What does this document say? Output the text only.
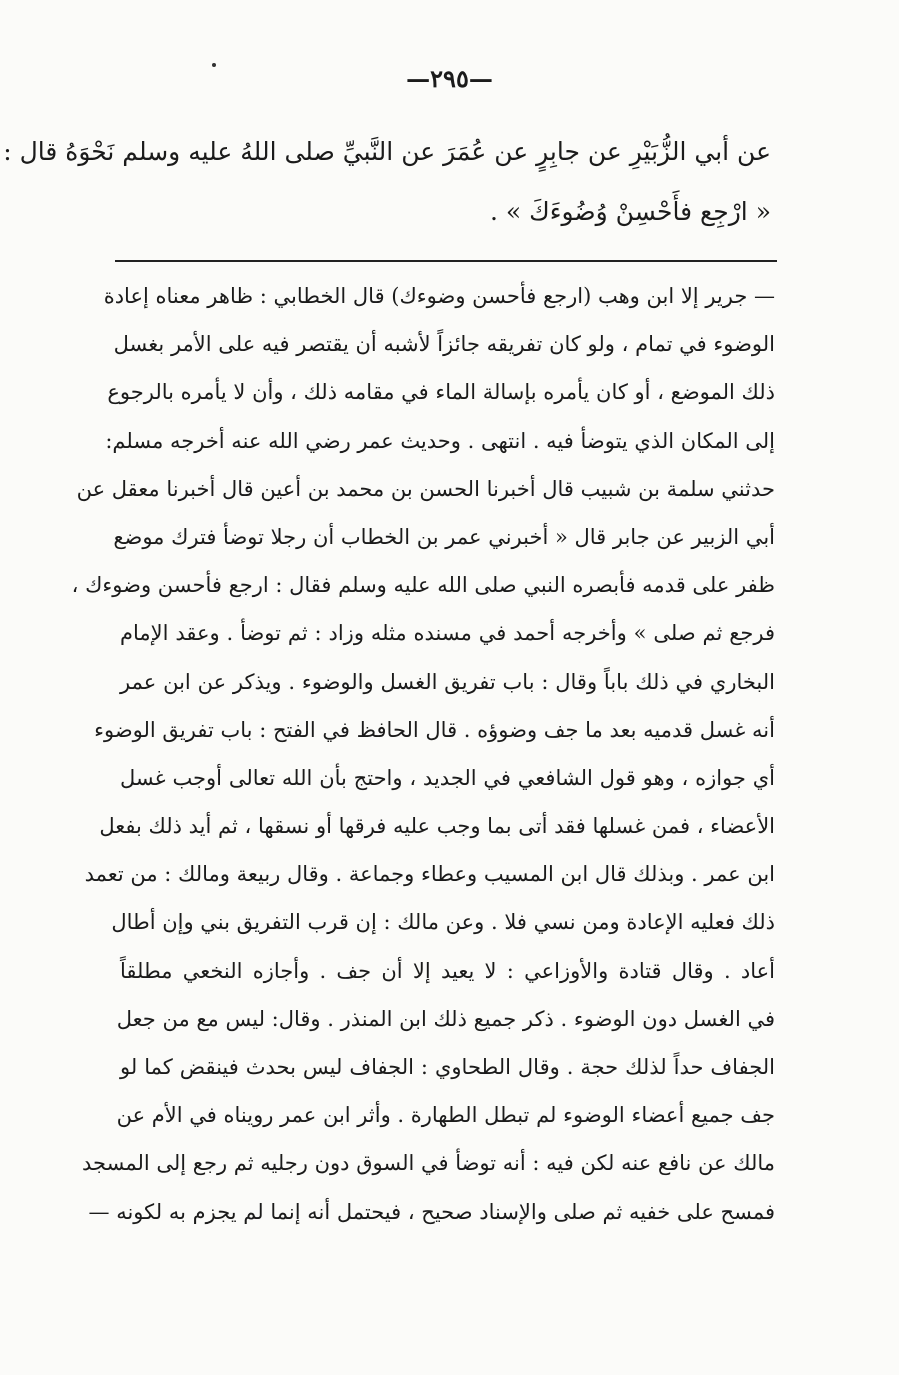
—٢٩٥—
عن أبي الزُّبَيْرِ عن جابِرٍ عن عُمَرَ عن النَّبيِّ صلى اللهُ عليه وسلم نَحْوَهُ قال :
« ارْجِع فأَحْسِنْ وُضُوءَكَ » .
— جرير إلا ابن وهب (ارجع فأحسن وضوءك) قال الخطابي : ظاهر معناه إعادة
الوضوء في تمام ، ولو كان تفريقه جائزاً لأشبه أن يقتصر فيه على الأمر بغسل
ذلك الموضع ، أو كان يأمره بإسالة الماء في مقامه ذلك ، وأن لا يأمره بالرجوع
إلى المكان الذي يتوضأ فيه . انتهى . وحديث عمر رضي الله عنه أخرجه مسلم:
حدثني سلمة بن شبيب قال أخبرنا الحسن بن محمد بن أعين قال أخبرنا معقل عن
أبي الزبير عن جابر قال « أخبرني عمر بن الخطاب أن رجلا توضأ فترك موضع
ظفر على قدمه فأبصره النبي صلى الله عليه وسلم فقال : ارجع فأحسن وضوءك ،
فرجع ثم صلى » وأخرجه أحمد في مسنده مثله وزاد : ثم توضأ . وعقد الإمام
البخاري في ذلك باباً وقال : باب تفريق الغسل والوضوء . ويذكر عن ابن عمر
أنه غسل قدميه بعد ما جف وضوؤه . قال الحافظ في الفتح : باب تفريق الوضوء
أي جوازه ، وهو قول الشافعي في الجديد ، واحتج بأن الله تعالى أوجب غسل
الأعضاء ، فمن غسلها فقد أتى بما وجب عليه فرقها أو نسقها ، ثم أيد ذلك بفعل
ابن عمر . وبذلك قال ابن المسيب وعطاء وجماعة . وقال ربيعة ومالك : من تعمد
ذلك فعليه الإعادة ومن نسي فلا . وعن مالك : إن قرب التفريق بني وإن أطال
أعاد . وقال قتادة والأوزاعي : لا يعيد إلا أن جف . وأجازه النخعي مطلقاً
في الغسل دون الوضوء . ذكر جميع ذلك ابن المنذر . وقال: ليس مع من جعل
الجفاف حداً لذلك حجة . وقال الطحاوي : الجفاف ليس بحدث فينقض كما لو
جف جميع أعضاء الوضوء لم تبطل الطهارة . وأثر ابن عمر رويناه في الأم عن
مالك عن نافع عنه لكن فيه : أنه توضأ في السوق دون رجليه ثم رجع إلى المسجد
فمسح على خفيه ثم صلى والإسناد صحيح ، فيحتمل أنه إنما لم يجزم به لكونه —
